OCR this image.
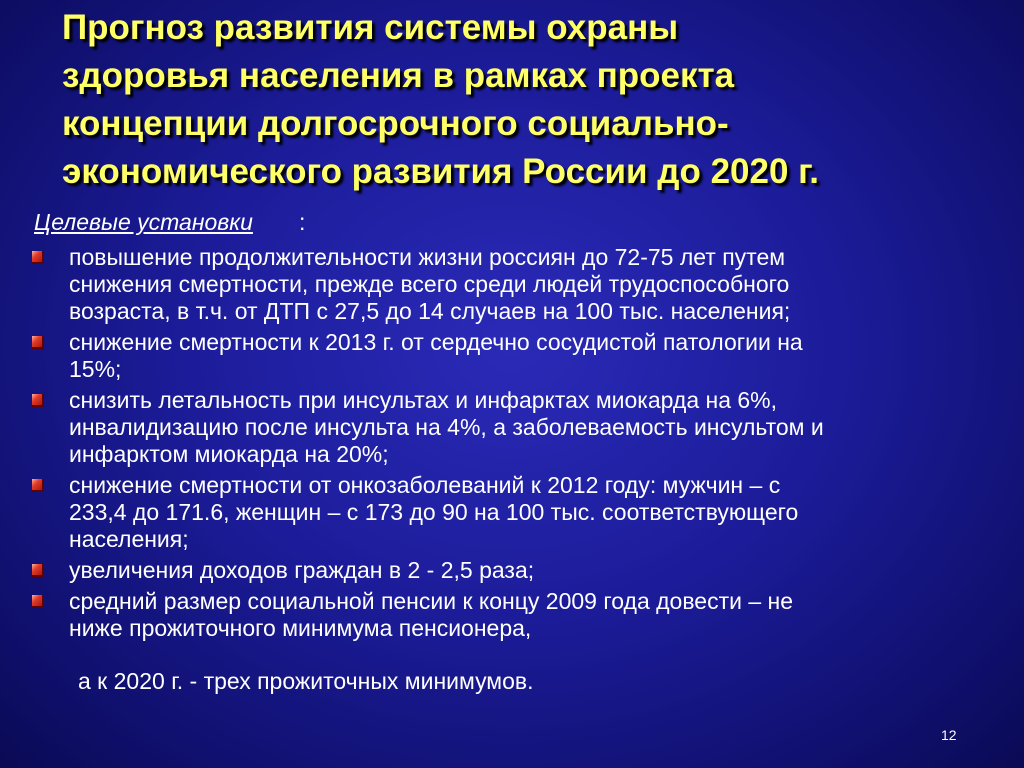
Прогноз развития системы охраны
здоровья населения в рамках проекта
концепции долгосрочного социально-
экономического развития России до 2020 г.
Целевые установки :
повышение продолжительности жизни россиян до 72-75 лет путем
снижения смертности, прежде всего среди людей трудоспособного
возраста, в т.ч. от ДТП с 27,5 до 14 случаев на 100 тыс. населения;
снижение смертности к 2013 г. от сердечно сосудистой патологии на
15%;
снизить летальность при инсультах и инфарктах миокарда на 6%,
инвалидизацию после инсульта на 4%, а заболеваемость инсультом и
инфарктом миокарда на 20%;
снижение смертности от онкозаболеваний к 2012 году: мужчин – с
233,4 до 171.6, женщин – с 173 до 90 на 100 тыс. соответствующего
населения;
увеличения доходов граждан в 2 - 2,5 раза;
средний размер социальной пенсии к концу 2009 года довести – не
ниже прожиточного минимума пенсионера,
а к 2020 г. - трех прожиточных минимумов.
12
